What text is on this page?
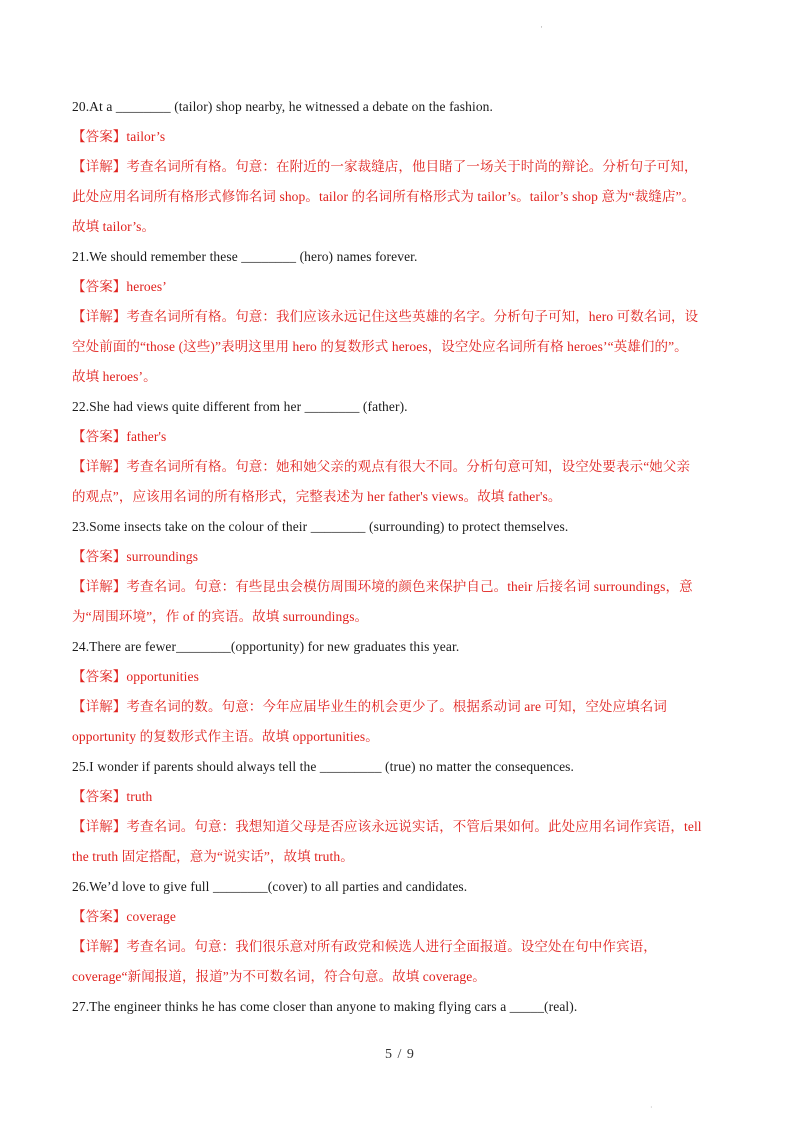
·
20.At a ________ (tailor) shop nearby, he witnessed a debate on the fashion.
【答案】tailor’s
【详解】考查名词所有格。句意：在附近的一家裁缝店，他目睹了一场关于时尚的辩论。分析句子可知，
此处应用名词所有格形式修饰名词 shop。tailor 的名词所有格形式为 tailor’s。tailor’s shop 意为“裁缝店”。
故填 tailor’s。
21.We should remember these ________ (hero) names forever.
【答案】heroes’
【详解】考查名词所有格。句意：我们应该永远记住这些英雄的名字。分析句子可知，hero 可数名词，设
空处前面的“those (这些)”表明这里用 hero 的复数形式 heroes，设空处应名词所有格 heroes’“英雄们的”。
故填 heroes’。
22.She had views quite different from her ________ (father).
【答案】father's
【详解】考查名词所有格。句意：她和她父亲的观点有很大不同。分析句意可知，设空处要表示“她父亲
的观点”，应该用名词的所有格形式，完整表述为 her father's views。故填 father's。
23.Some insects take on the colour of their ________ (surrounding) to protect themselves.
【答案】surroundings
【详解】考查名词。句意：有些昆虫会模仿周围环境的颜色来保护自己。their 后接名词 surroundings，意
为“周围环境”，作 of 的宾语。故填 surroundings。
24.There are fewer________(opportunity) for new graduates this year.
【答案】opportunities
【详解】考查名词的数。句意：今年应届毕业生的机会更少了。根据系动词 are 可知，空处应填名词
opportunity 的复数形式作主语。故填 opportunities。
25.I wonder if parents should always tell the _________ (true) no matter the consequences.
【答案】truth
【详解】考查名词。句意：我想知道父母是否应该永远说实话，不管后果如何。此处应用名词作宾语，tell
the truth 固定搭配，意为“说实话”，故填 truth。
26.We’d love to give full ________(cover) to all parties and candidates.
【答案】coverage
【详解】考查名词。句意：我们很乐意对所有政党和候选人进行全面报道。设空处在句中作宾语，
coverage“新闻报道，报道”为不可数名词，符合句意。故填 coverage。
27.The engineer thinks he has come closer than anyone to making flying cars a _____(real).
5 / 9
·
